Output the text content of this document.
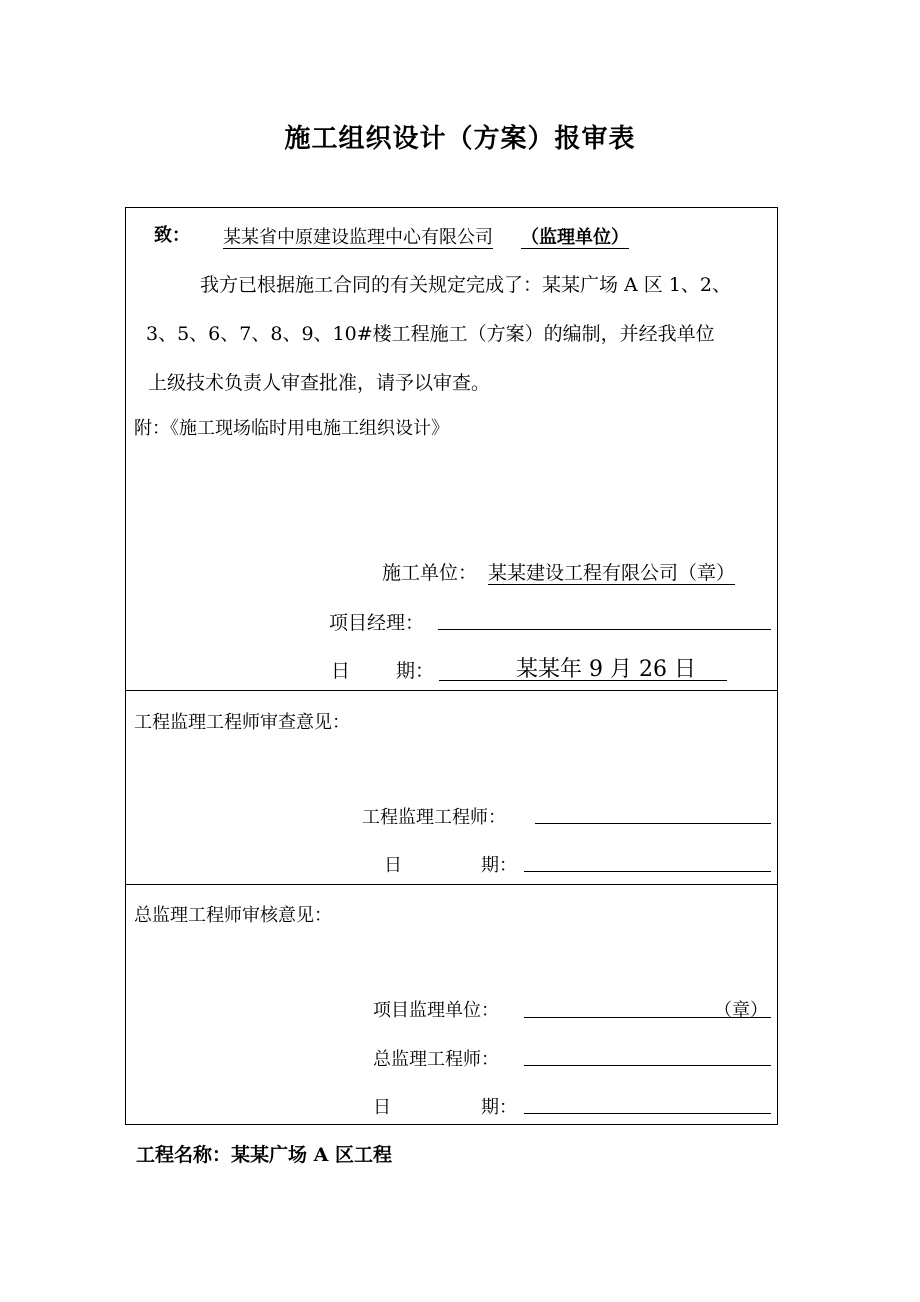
施工组织设计（方案）报审表
致：	某某省中原建设监理中心有限公司 （监理单位）
我方已根据施工合同的有关规定完成了：某某广场 A 区 1、2、
3、5、6、7、8、9、10#楼工程施工（方案）的编制，并经我单位
上级技术负责人审查批准，请予以审查。
附：《施工现场临时用电施工组织设计》
施工单位： 某某建设工程有限公司（章）
项目经理：
日 期：	某某年 9 月 26 日
工程监理工程师审查意见：
工程监理工程师：
日	期：
总监理工程师审核意见：
项目监理单位：	（章）
总监理工程师：
日	期：
工程名称：某某广场 A 区工程
